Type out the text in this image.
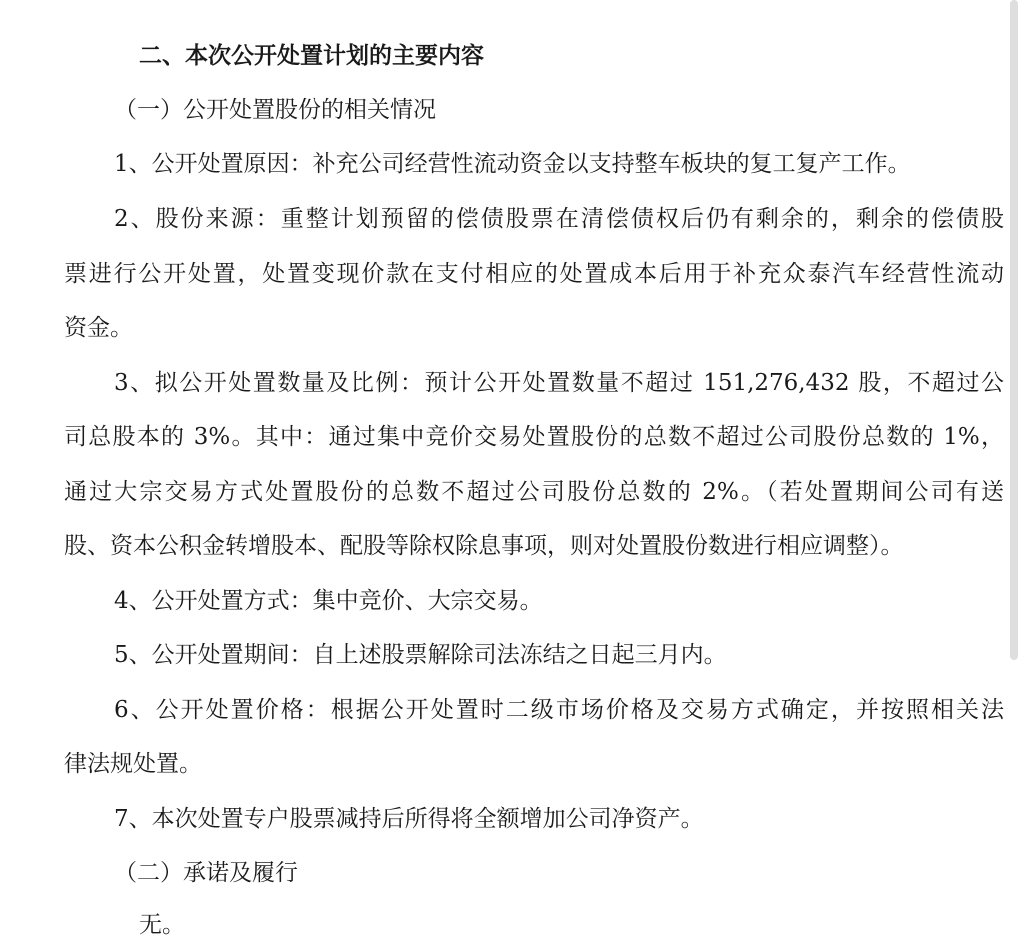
二、本次公开处置计划的主要内容
（一）公开处置股份的相关情况
1、公开处置原因：补充公司经营性流动资金以支持整车板块的复工复产工作。
2、股份来源：重整计划预留的偿债股票在清偿债权后仍有剩余的，剩余的偿债股
票进行公开处置，处置变现价款在支付相应的处置成本后用于补充众泰汽车经营性流动
资金。
3、拟公开处置数量及比例：预计公开处置数量不超过 151,276,432 股，不超过公
司总股本的 3%。其中：通过集中竞价交易处置股份的总数不超过公司股份总数的 1%，
通过大宗交易方式处置股份的总数不超过公司股份总数的 2%。（若处置期间公司有送
股、资本公积金转增股本、配股等除权除息事项，则对处置股份数进行相应调整）。
4、公开处置方式：集中竞价、大宗交易。
5、公开处置期间：自上述股票解除司法冻结之日起三月内。
6、公开处置价格：根据公开处置时二级市场价格及交易方式确定，并按照相关法
律法规处置。
7、本次处置专户股票减持后所得将全额增加公司净资产。
（二）承诺及履行
无。
